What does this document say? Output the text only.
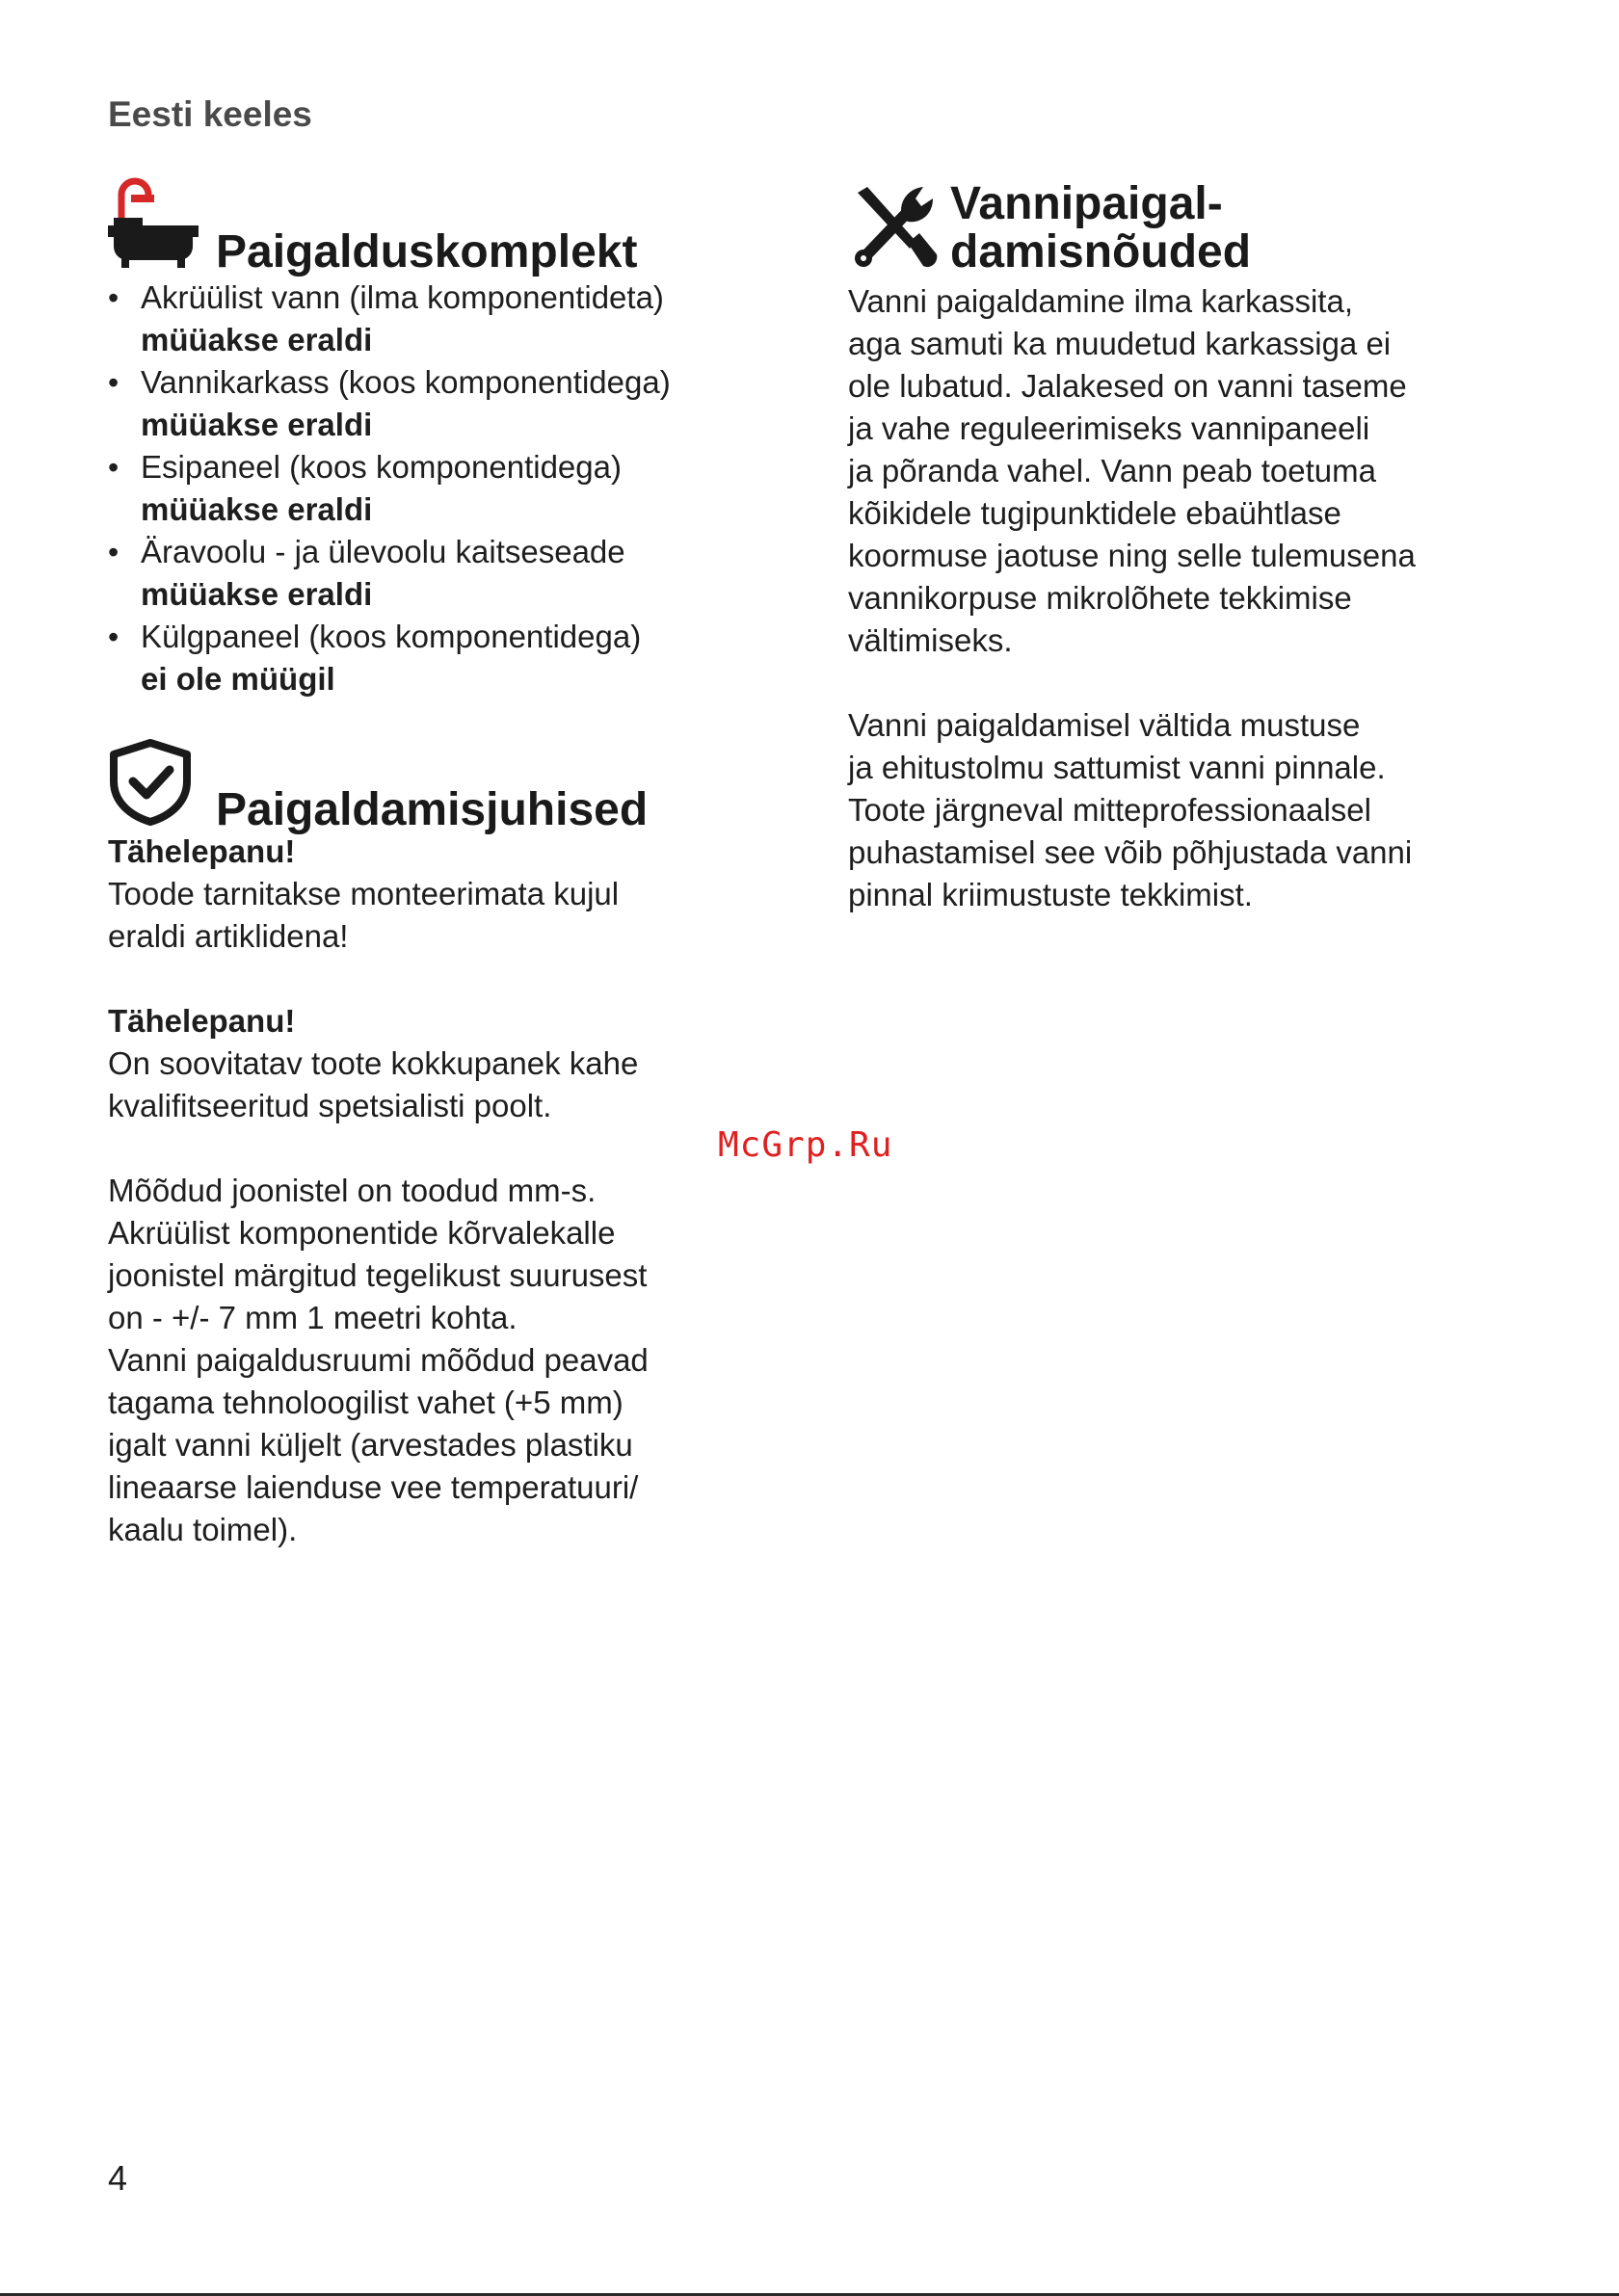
Eesti keeles
Paigalduskomplekt
• Akrüülist vann (ilma komponentideta)
müüakse eraldi
• Vannikarkass (koos komponentidega)
müüakse eraldi
• Esipaneel (koos komponentidega)
müüakse eraldi
• Äravoolu - ja ülevoolu kaitseseade
müüakse eraldi
• Külgpaneel (koos komponentidega)
ei ole müügil
Paigaldamisjuhised
Tähelepanu!
Toode tarnitakse monteerimata kujul
eraldi artiklidena!
Tähelepanu!
On soovitatav toote kokkupanek kahe
kvalifitseeritud spetsialisti poolt.
Mõõdud joonistel on toodud mm-s.
Akrüülist komponentide kõrvalekalle
joonistel märgitud tegelikust suurusest
on - +/- 7 mm 1 meetri kohta.
Vanni paigaldusruumi mõõdud peavad
tagama tehnoloogilist vahet (+5 mm)
igalt vanni küljelt (arvestades plastiku
lineaarse laienduse vee temperatuuri/
kaalu toimel).
Vannipaigal-
damisnõuded
Vanni paigaldamine ilma karkassita,
aga samuti ka muudetud karkassiga ei
ole lubatud. Jalakesed on vanni taseme
ja vahe reguleerimiseks vannipaneeli
ja põranda vahel. Vann peab toetuma
kõikidele tugipunktidele ebaühtlase
koormuse jaotuse ning selle tulemusena
vannikorpuse mikrolõhete tekkimise
vältimiseks.
Vanni paigaldamisel vältida mustuse
ja ehitustolmu sattumist vanni pinnale.
Toote järgneval mitteprofessionaalsel
puhastamisel see võib põhjustada vanni
pinnal kriimustuste tekkimist.
McGrp.Ru
4
